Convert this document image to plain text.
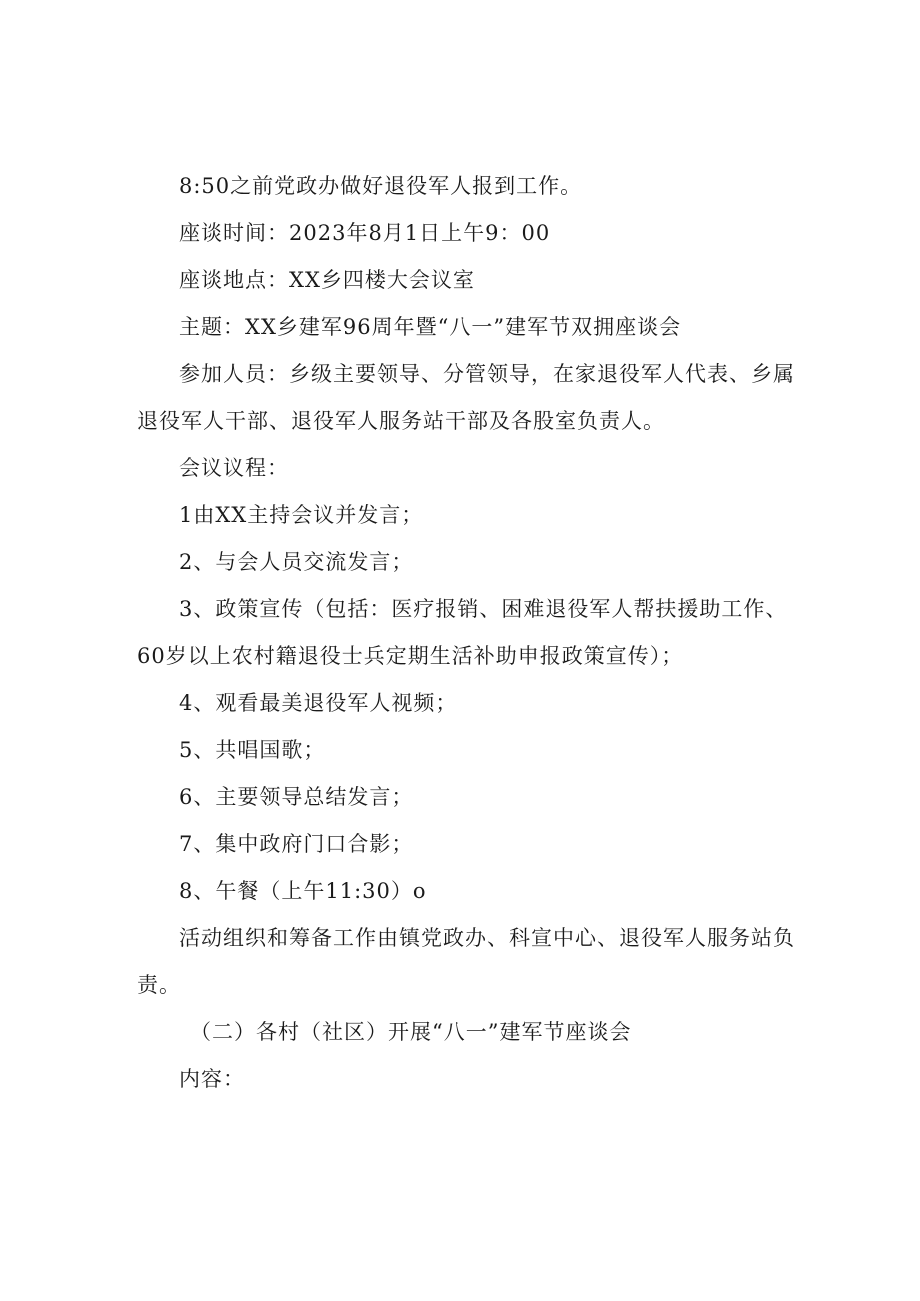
8:50之前党政办做好退役军人报到工作。
座谈时间：2023年8月1日上午9：00
座谈地点：XX乡四楼大会议室
主题：XX乡建军96周年暨“八一”建军节双拥座谈会
参加人员：乡级主要领导、分管领导，在家退役军人代表、乡属
退役军人干部、退役军人服务站干部及各股室负责人。
会议议程：
1由XX主持会议并发言；
2、与会人员交流发言；
3、政策宣传（包括：医疗报销、困难退役军人帮扶援助工作、
60岁以上农村籍退役士兵定期生活补助申报政策宣传）；
4、观看最美退役军人视频；
5、共唱国歌；
6、主要领导总结发言；
7、集中政府门口合影；
8、午餐（上午11:30）o
活动组织和筹备工作由镇党政办、科宣中心、退役军人服务站负
责。
（二）各村（社区）开展“八一”建军节座谈会
内容：
